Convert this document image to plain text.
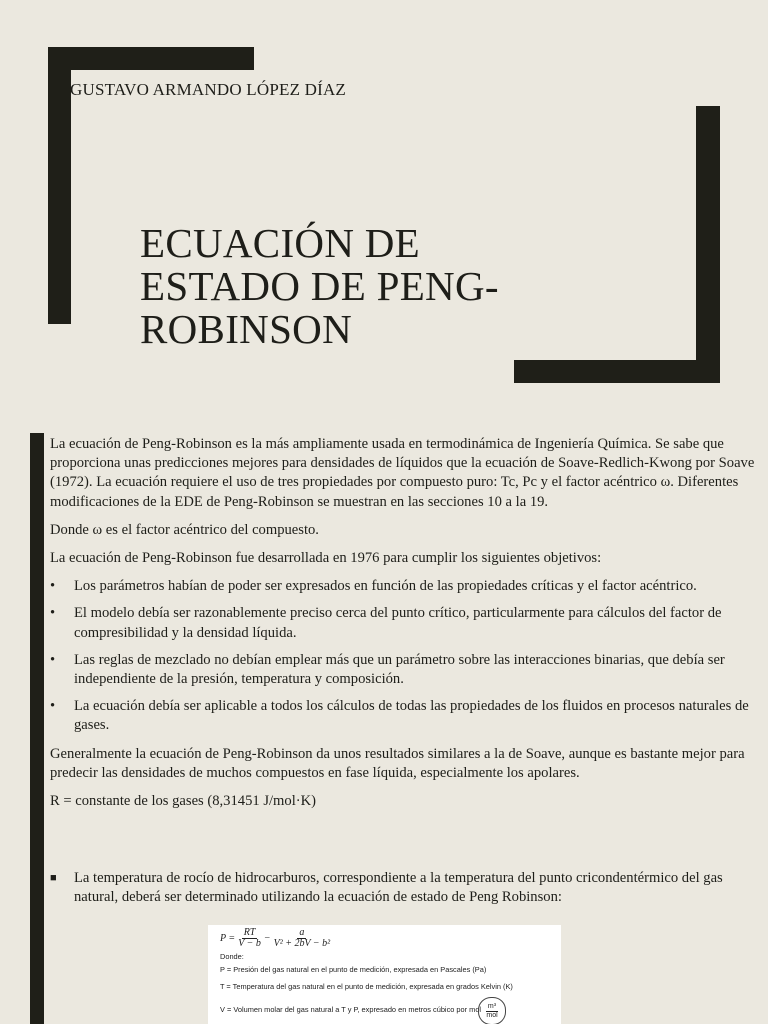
GUSTAVO ARMANDO LÓPEZ DÍAZ
ECUACIÓN DE
ESTADO DE PENG-
ROBINSON

La ecuación de Peng-Robinson es la más ampliamente usada en termodinámica de Ingeniería Química. Se sabe que proporciona unas predicciones mejores para densidades de líquidos que la ecuación de Soave-Redlich-Kwong por Soave (1972). La ecuación requiere el uso de tres propiedades por compuesto puro: Tc, Pc y el factor acéntrico ω. Diferentes modificaciones de la EDE de Peng-Robinson se muestran en las secciones 10 a la 19.

Donde ω es el factor acéntrico del compuesto.

La ecuación de Peng-Robinson fue desarrollada en 1976 para cumplir los siguientes objetivos:

• Los parámetros habían de poder ser expresados en función de las propiedades críticas y el factor acéntrico.
• El modelo debía ser razonablemente preciso cerca del punto crítico, particularmente para cálculos del factor de compresibilidad y la densidad líquida.
• Las reglas de mezclado no debían emplear más que un parámetro sobre las interacciones binarias, que debía ser independiente de la presión, temperatura y composición.
• La ecuación debía ser aplicable a todos los cálculos de todas las propiedades de los fluidos en procesos naturales de gases.

Generalmente la ecuación de Peng-Robinson da unos resultados similares a la de Soave, aunque es bastante mejor para predecir las densidades de muchos compuestos en fase líquida, especialmente los apolares.

R = constante de los gases (8,31451 J/mol·K)

■ La temperatura de rocío de hidrocarburos, correspondiente a la temperatura del punto cricondentérmico del gas natural, deberá ser determinado utilizando la ecuación de estado de Peng Robinson:
$P = \frac{RT}{V - b} - \frac{a}{\text{V² + 2bV − b²}}$
Donde:
P = Presión del gas natural en el punto de medición, expresada en Pascales (Pa)
T = Temperatura del gas natural en el punto de medición, expresada en grados Kelvin (K)
V = Volumen molar del gas natural a T y P, expresado en metros cúbico por mol m³
mol
